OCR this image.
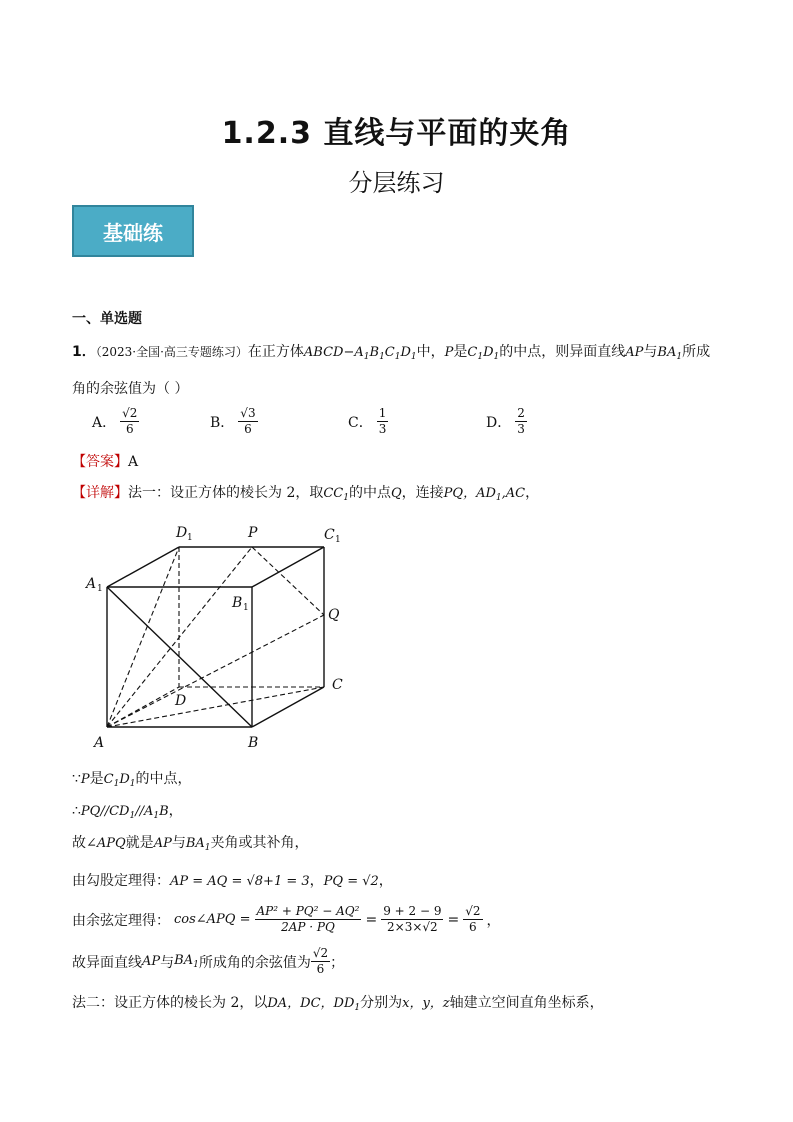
1.2.3 直线与平面的夹角
分层练习
基础练
一、单选题
1．（2023·全国·高三专题练习）在正方体$ABCD-A_1B_1C_1D_1$中，P是$C_1D_1$的中点，则异面直线AP与$BA_1$所成
角的余弦值为（ ）
A． $\frac{√2}{6}$	B． $\frac{√3}{6}$	C． $\frac{1}{3}$	D． $\frac{2}{3}$
【答案】A
【详解】法一：设正方体的棱长为 2，取$CC_1$的中点Q，连接PQ，$AD_1,AC$，
A	B
C
D
A 1
B 1
C 1
D 1	P
Q
∵P是$C_1D_1$的中点，
$\therefore PQ//CD_1//A_1B$，
故∠APQ就是AP与$BA_1$夹角或其补角，
由勾股定理得：AP = AQ = √8+1 = 3，PQ = √2，
由余弦定理得： cos∠APQ = $\frac{\text{AP² + PQ² − AQ²}}{2AP \cdot PQ} = \frac{9 + 2 - 9}{2\times 3\times√2} = \frac{√2}{6}$ ，
故异面直线 AP 与 $BA_1$ 所成角的余弦值为 $\frac{√2}{6}$ ；
法二：设正方体的棱长为 2，以DA，DC，$DD_1$分别为x，y，z轴建立空间直角坐标系，
